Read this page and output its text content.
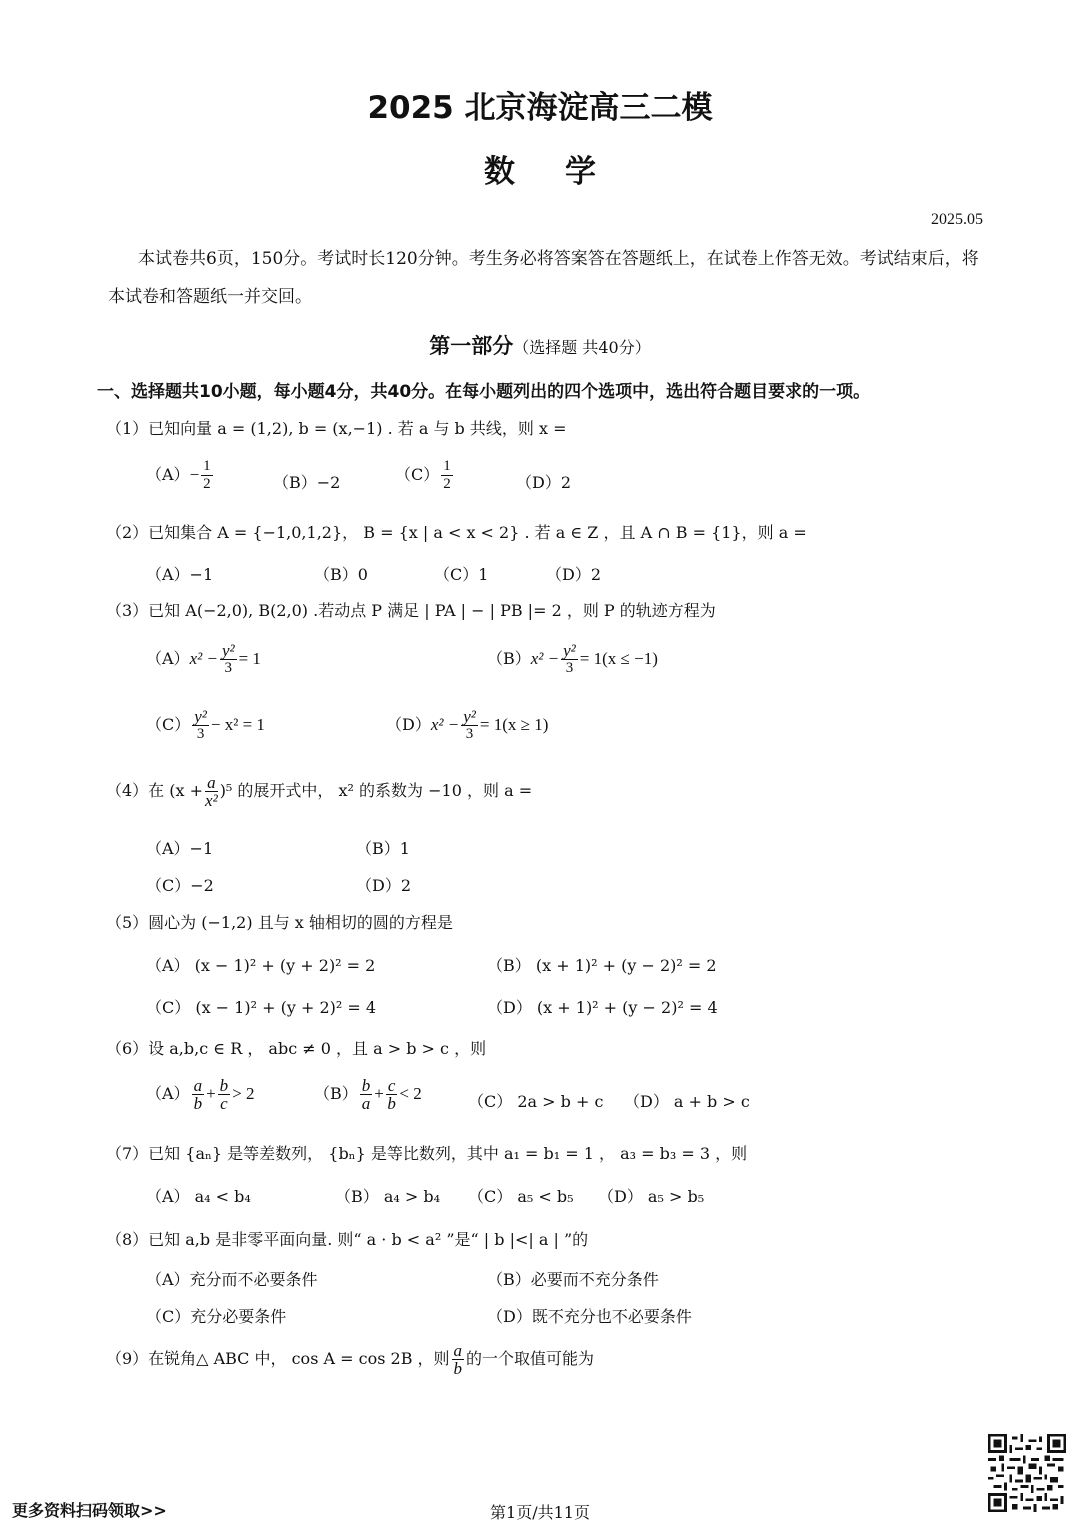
2025 北京海淀高三二模
数学
2025.05
本试卷共6页，150分。考试时长120分钟。考生务必将答案答在答题纸上，在试卷上作答无效。考试结束后，将本试卷和答题纸一并交回。
第一部分（选择题 共40分）
一、选择题共10小题，每小题4分，共40分。在每小题列出的四个选项中，选出符合题目要求的一项。
（1）已知向量 a = (1,2), b = (x,−1) . 若 a 与 b 共线，则 x =
$(A)- \frac{1}{2}$	（B）−2	$(C) \frac{1}{2}$	（D）2
（2）已知集合 A = {−1,0,1,2}， B = {x | a < x < 2} . 若 a ∈ Z ，且 A ∩ B = {1}，则 a =
（A）−1	（B）0	（C）1	（D）2
（3）已知 A(−2,0), B(2,0) .若动点 P 满足 | PA | − | PB |= 2 ，则 P 的轨迹方程为
$(A)x^2 - \frac{\text{y²}}{3} = 1$	$(B)x^2 - \frac{\text{y²}}{3} = 1(x \le -1)$
$(C) \frac{\text{y²}}{3} - x^2 = 1$	$(D)x^2 - \frac{\text{y²}}{3} = 1(x \ge 1)$
（4）在 $(x + \frac{a}{\text{x²}} )^5$ 的展开式中， x² 的系数为 −10 ，则 a =
（A）−1	（B）1
（C）−2	（D）2
（5）圆心为 (−1,2) 且与 x 轴相切的圆的方程是
（A） (x − 1)² + (y + 2)² = 2	（B） (x + 1)² + (y − 2)² = 2
（C） (x − 1)² + (y + 2)² = 4	（D） (x + 1)² + (y − 2)² = 4
（6）设 a,b,c ∈ R ， abc ≠ 0 ，且 a > b > c ，则
$(A) \frac{a}{b} + \frac{b}{c} > 2$	$(B) \frac{b}{a} + \frac{c}{b} < 2$	（C） 2a > b + c （D） a + b > c
（7）已知 {aₙ} 是等差数列， {bₙ} 是等比数列，其中 a₁ = b₁ = 1 ， a₃ = b₃ = 3 ，则
（A） a₄ < b₄	（B） a₄ > b₄ （C） a₅ < b₅ （D） a₅ > b₅
（8）已知 a,b 是非零平面向量. 则“ a · b < a² ”是“ | b |<| a | ”的
（A）充分而不必要条件	（B）必要而不充分条件
（C）充分必要条件	（D）既不充分也不必要条件
（9）在锐角△ ABC 中， cos A = cos 2B ，则 $\frac{a}{b}$ 的一个取值可能为
更多资料扫码领取>>	第1页/共11页
